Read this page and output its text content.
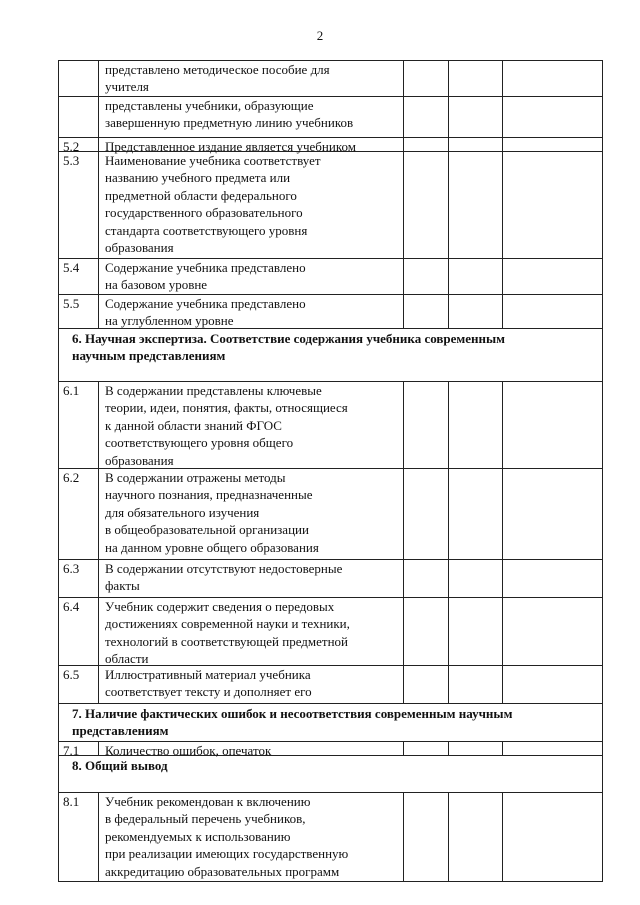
2
представлено методическое пособие для
учителя
представлены учебники, образующие
завершенную предметную линию учебников
5.2 Представленное издание является учебником
5.3 Наименование учебника соответствует
названию учебного предмета или
предметной области федерального
государственного образовательного
стандарта соответствующего уровня
образования
5.4 Содержание учебника представлено
на базовом уровне
5.5 Содержание учебника представлено
на углубленном уровне
6.1 В содержании представлены ключевые
теории, идеи, понятия, факты, относящиеся
к данной области знаний ФГОС
соответствующего уровня общего
образования
6.2 В содержании отражены методы
научного познания, предназначенные
для обязательного изучения
в общеобразовательной организации
на данном уровне общего образования
6.3 В содержании отсутствуют недостоверные
факты
6.4 Учебник содержит сведения о передовых
достижениях современной науки и техники,
технологий в соответствующей предметной
области
6.5 Иллюстративный материал учебника
соответствует тексту и дополняет его
7.1 Количество ошибок, опечаток
8.1 Учебник рекомендован к включению
в федеральный перечень учебников,
рекомендуемых к использованию
при реализации имеющих государственную
аккредитацию образовательных программ
6. Научная экспертиза. Соответствие содержания учебника современным
научным представлениям
7. Наличие фактических ошибок и несоответствия современным научным
представлениям
8. Общий вывод
